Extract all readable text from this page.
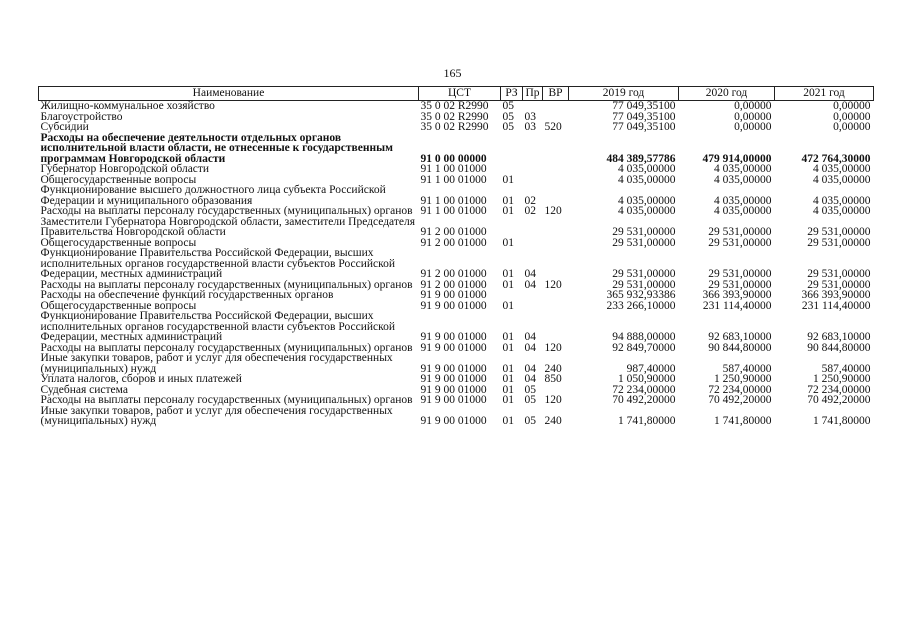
165
Наименование	ЦСТ	РЗ	Пр	ВР	2019 год	2020 год	2021 год
Жилищно-коммунальное хозяйство	35 0 02 R2990	05			77 049,35100	0,00000	0,00000
Благоустройство	35 0 02 R2990	05	03		77 049,35100	0,00000	0,00000
Субсидии	35 0 02 R2990	05	03	520	77 049,35100	0,00000	0,00000
Расходы на обеспечение деятельности отдельных органов исполнительной власти области, не отнесенные к государственным программам Новгородской области	91 0 00 00000				484 389,57786	479 914,00000	472 764,30000
Губернатор Новгородской области	91 1 00 01000				4 035,00000	4 035,00000	4 035,00000
Общегосударственные вопросы	91 1 00 01000	01			4 035,00000	4 035,00000	4 035,00000
Функционирование высшего должностного лица субъекта Российской Федерации и муниципального образования	91 1 00 01000	01	02		4 035,00000	4 035,00000	4 035,00000
Расходы на выплаты персоналу государственных (муниципальных) органов	91 1 00 01000	01	02	120	4 035,00000	4 035,00000	4 035,00000
Заместители Губернатора Новгородской области, заместители Председателя Правительства Новгородской области	91 2 00 01000				29 531,00000	29 531,00000	29 531,00000
Общегосударственные вопросы	91 2 00 01000	01			29 531,00000	29 531,00000	29 531,00000
Функционирование Правительства Российской Федерации, высших исполнительных органов государственной власти субъектов Российской Федерации, местных администраций	91 2 00 01000	01	04		29 531,00000	29 531,00000	29 531,00000
Расходы на выплаты персоналу государственных (муниципальных) органов	91 2 00 01000	01	04	120	29 531,00000	29 531,00000	29 531,00000
Расходы на обеспечение функций государственных органов	91 9 00 01000				365 932,93386	366 393,90000	366 393,90000
Общегосударственные вопросы	91 9 00 01000	01			233 266,10000	231 114,40000	231 114,40000
Функционирование Правительства Российской Федерации, высших исполнительных органов государственной власти субъектов Российской Федерации, местных администраций	91 9 00 01000	01	04		94 888,00000	92 683,10000	92 683,10000
Расходы на выплаты персоналу государственных (муниципальных) органов	91 9 00 01000	01	04	120	92 849,70000	90 844,80000	90 844,80000
Иные закупки товаров, работ и услуг для обеспечения государственных (муниципальных) нужд	91 9 00 01000	01	04	240	987,40000	587,40000	587,40000
Уплата налогов, сборов и иных платежей	91 9 00 01000	01	04	850	1 050,90000	1 250,90000	1 250,90000
Судебная система	91 9 00 01000	01	05		72 234,00000	72 234,00000	72 234,00000
Расходы на выплаты персоналу государственных (муниципальных) органов	91 9 00 01000	01	05	120	70 492,20000	70 492,20000	70 492,20000
Иные закупки товаров, работ и услуг для обеспечения государственных (муниципальных) нужд	91 9 00 01000	01	05	240	1 741,80000	1 741,80000	1 741,80000
